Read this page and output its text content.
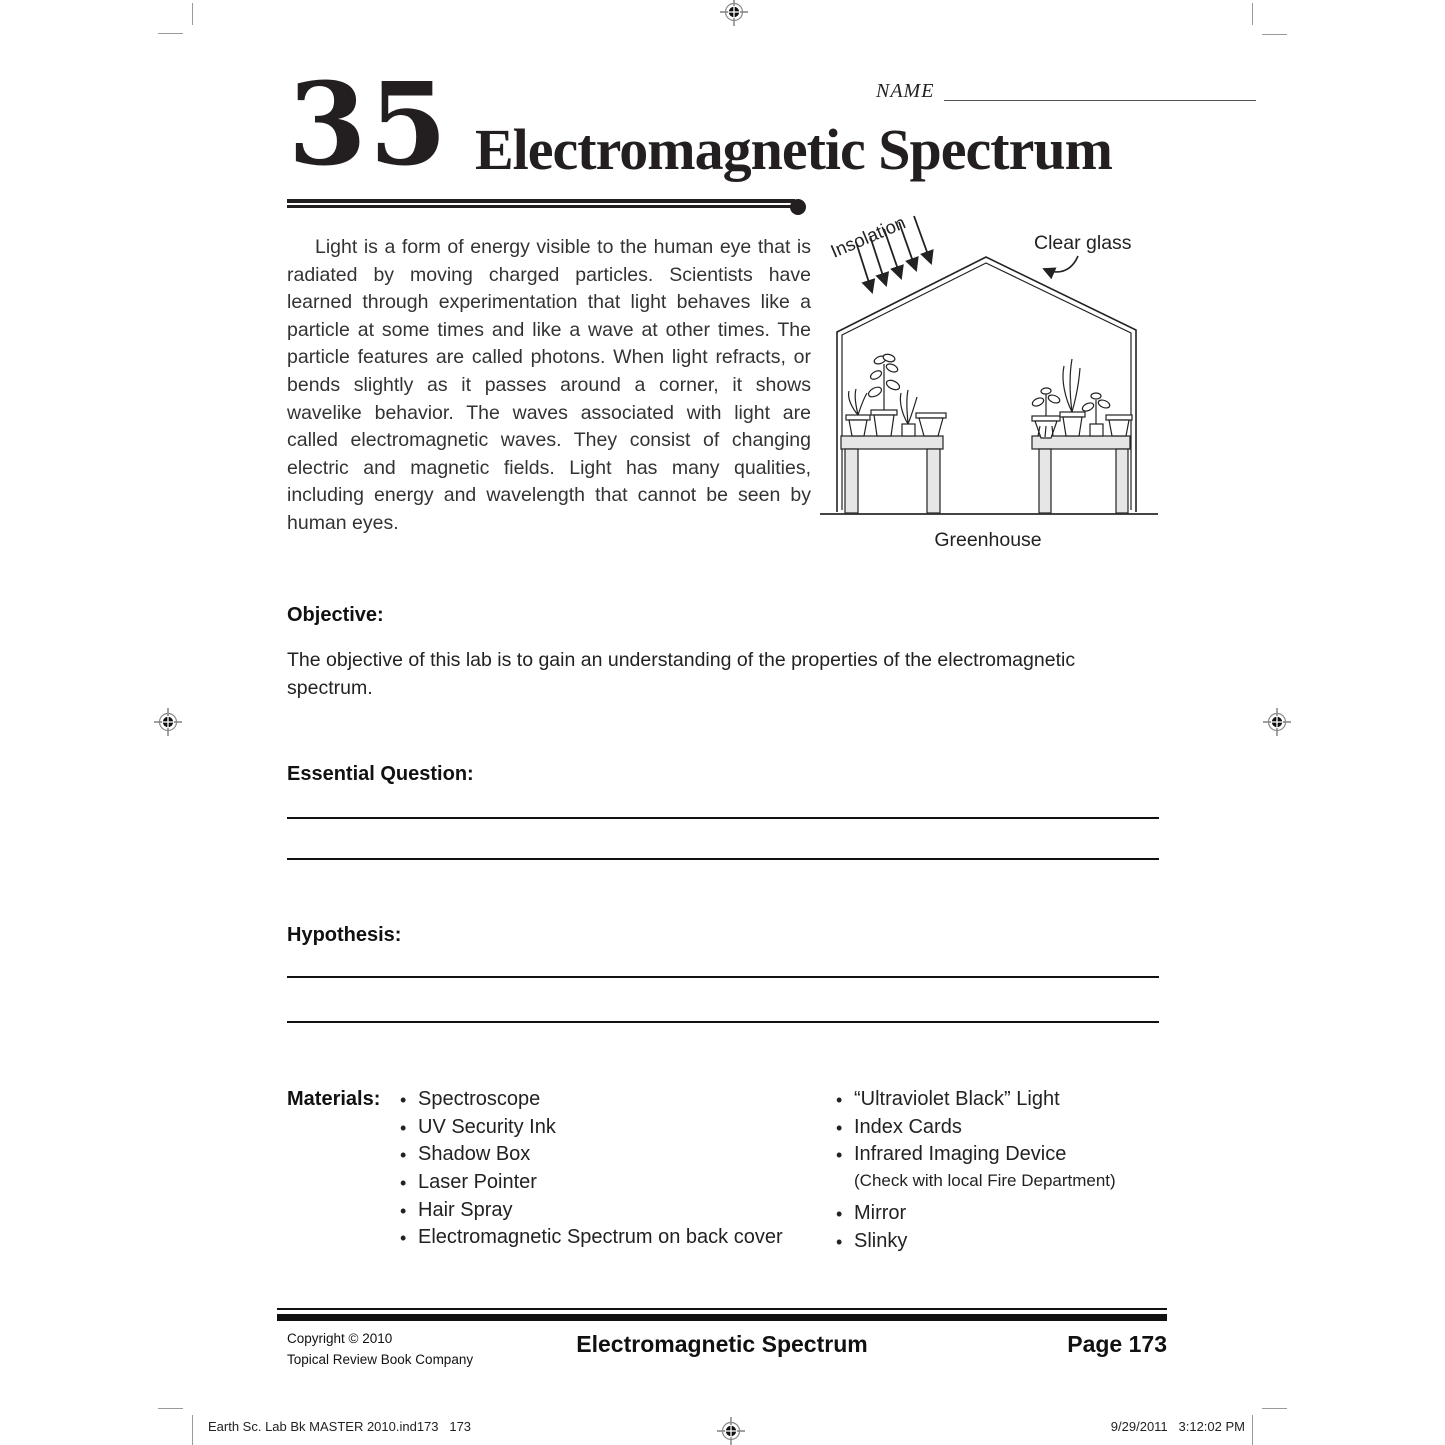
NAME
35 Electromagnetic Spectrum

Light is a form of energy visible to the human eye that is radiated by moving charged particles. Scientists have learned through experimentation that light behaves like a particle at some times and like a wave at other times. The particle features are called photons. When light refracts, or bends slightly as it passes around a corner, it shows wavelike behavior. The waves associated with light are called electromagnetic waves. They consist of changing electric and magnetic fields. Light has many qualities, including energy and wavelength that cannot be seen by human eyes.

Insolation	Clear glass
Greenhouse
Objective:
The objective of this lab is to gain an understanding of the properties of the electromagnetic spectrum.
Essential Question:
Hypothesis:
Materials: • Spectroscope
• UV Security Ink
• Shadow Box
• Laser Pointer
• Hair Spray
• Electromagnetic Spectrum on back cover
• “Ultraviolet Black” Light
• Index Cards
• Infrared Imaging Device
(Check with local Fire Department)
• Mirror
• Slinky
Copyright © 2010
Topical Review Book Company
Electromagnetic Spectrum	Page 173
Earth Sc. Lab Bk MASTER 2010.ind173   173	9/29/2011   3:12:02 PM
